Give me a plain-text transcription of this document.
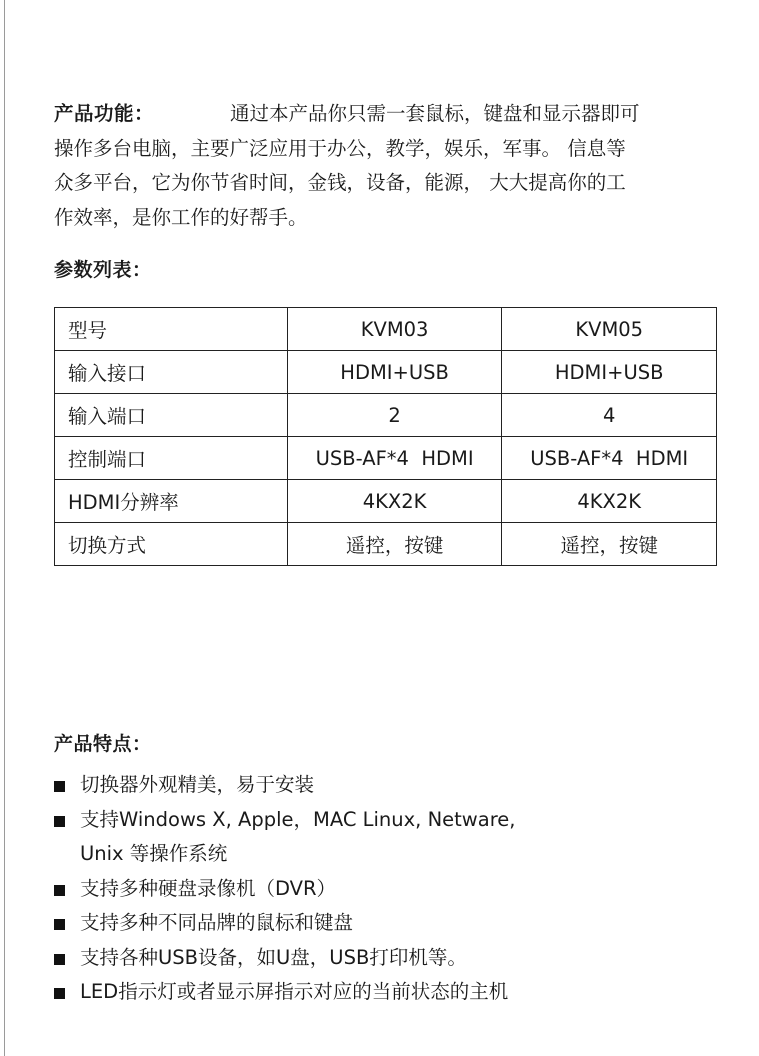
产品功能：	通过本产品你只需一套鼠标，键盘和显示器即可
操作多台电脑，主要广泛应用于办公，教学，娱乐，军事。 信息等
众多平台，它为你节省时间，金钱，设备，能源， 大大提高你的工
作效率，是你工作的好帮手。
参数列表：
型号	KVM03	KVM05
输入接口	HDMI+USB	HDMI+USB
输入端口	2	4
控制端口	USB-AF*4  HDMI	USB-AF*4  HDMI
HDMI分辨率	4KX2K	4KX2K
切换方式	遥控，按键	遥控，按键
产品特点：
切换器外观精美，易于安装
支持Windows X, Apple，MAC Linux, Netware,
Unix 等操作系统
支持多种硬盘录像机（DVR）
支持多种不同品牌的鼠标和键盘
支持各种USB设备，如U盘，USB打印机等。
LED指示灯或者显示屏指示对应的当前状态的主机
